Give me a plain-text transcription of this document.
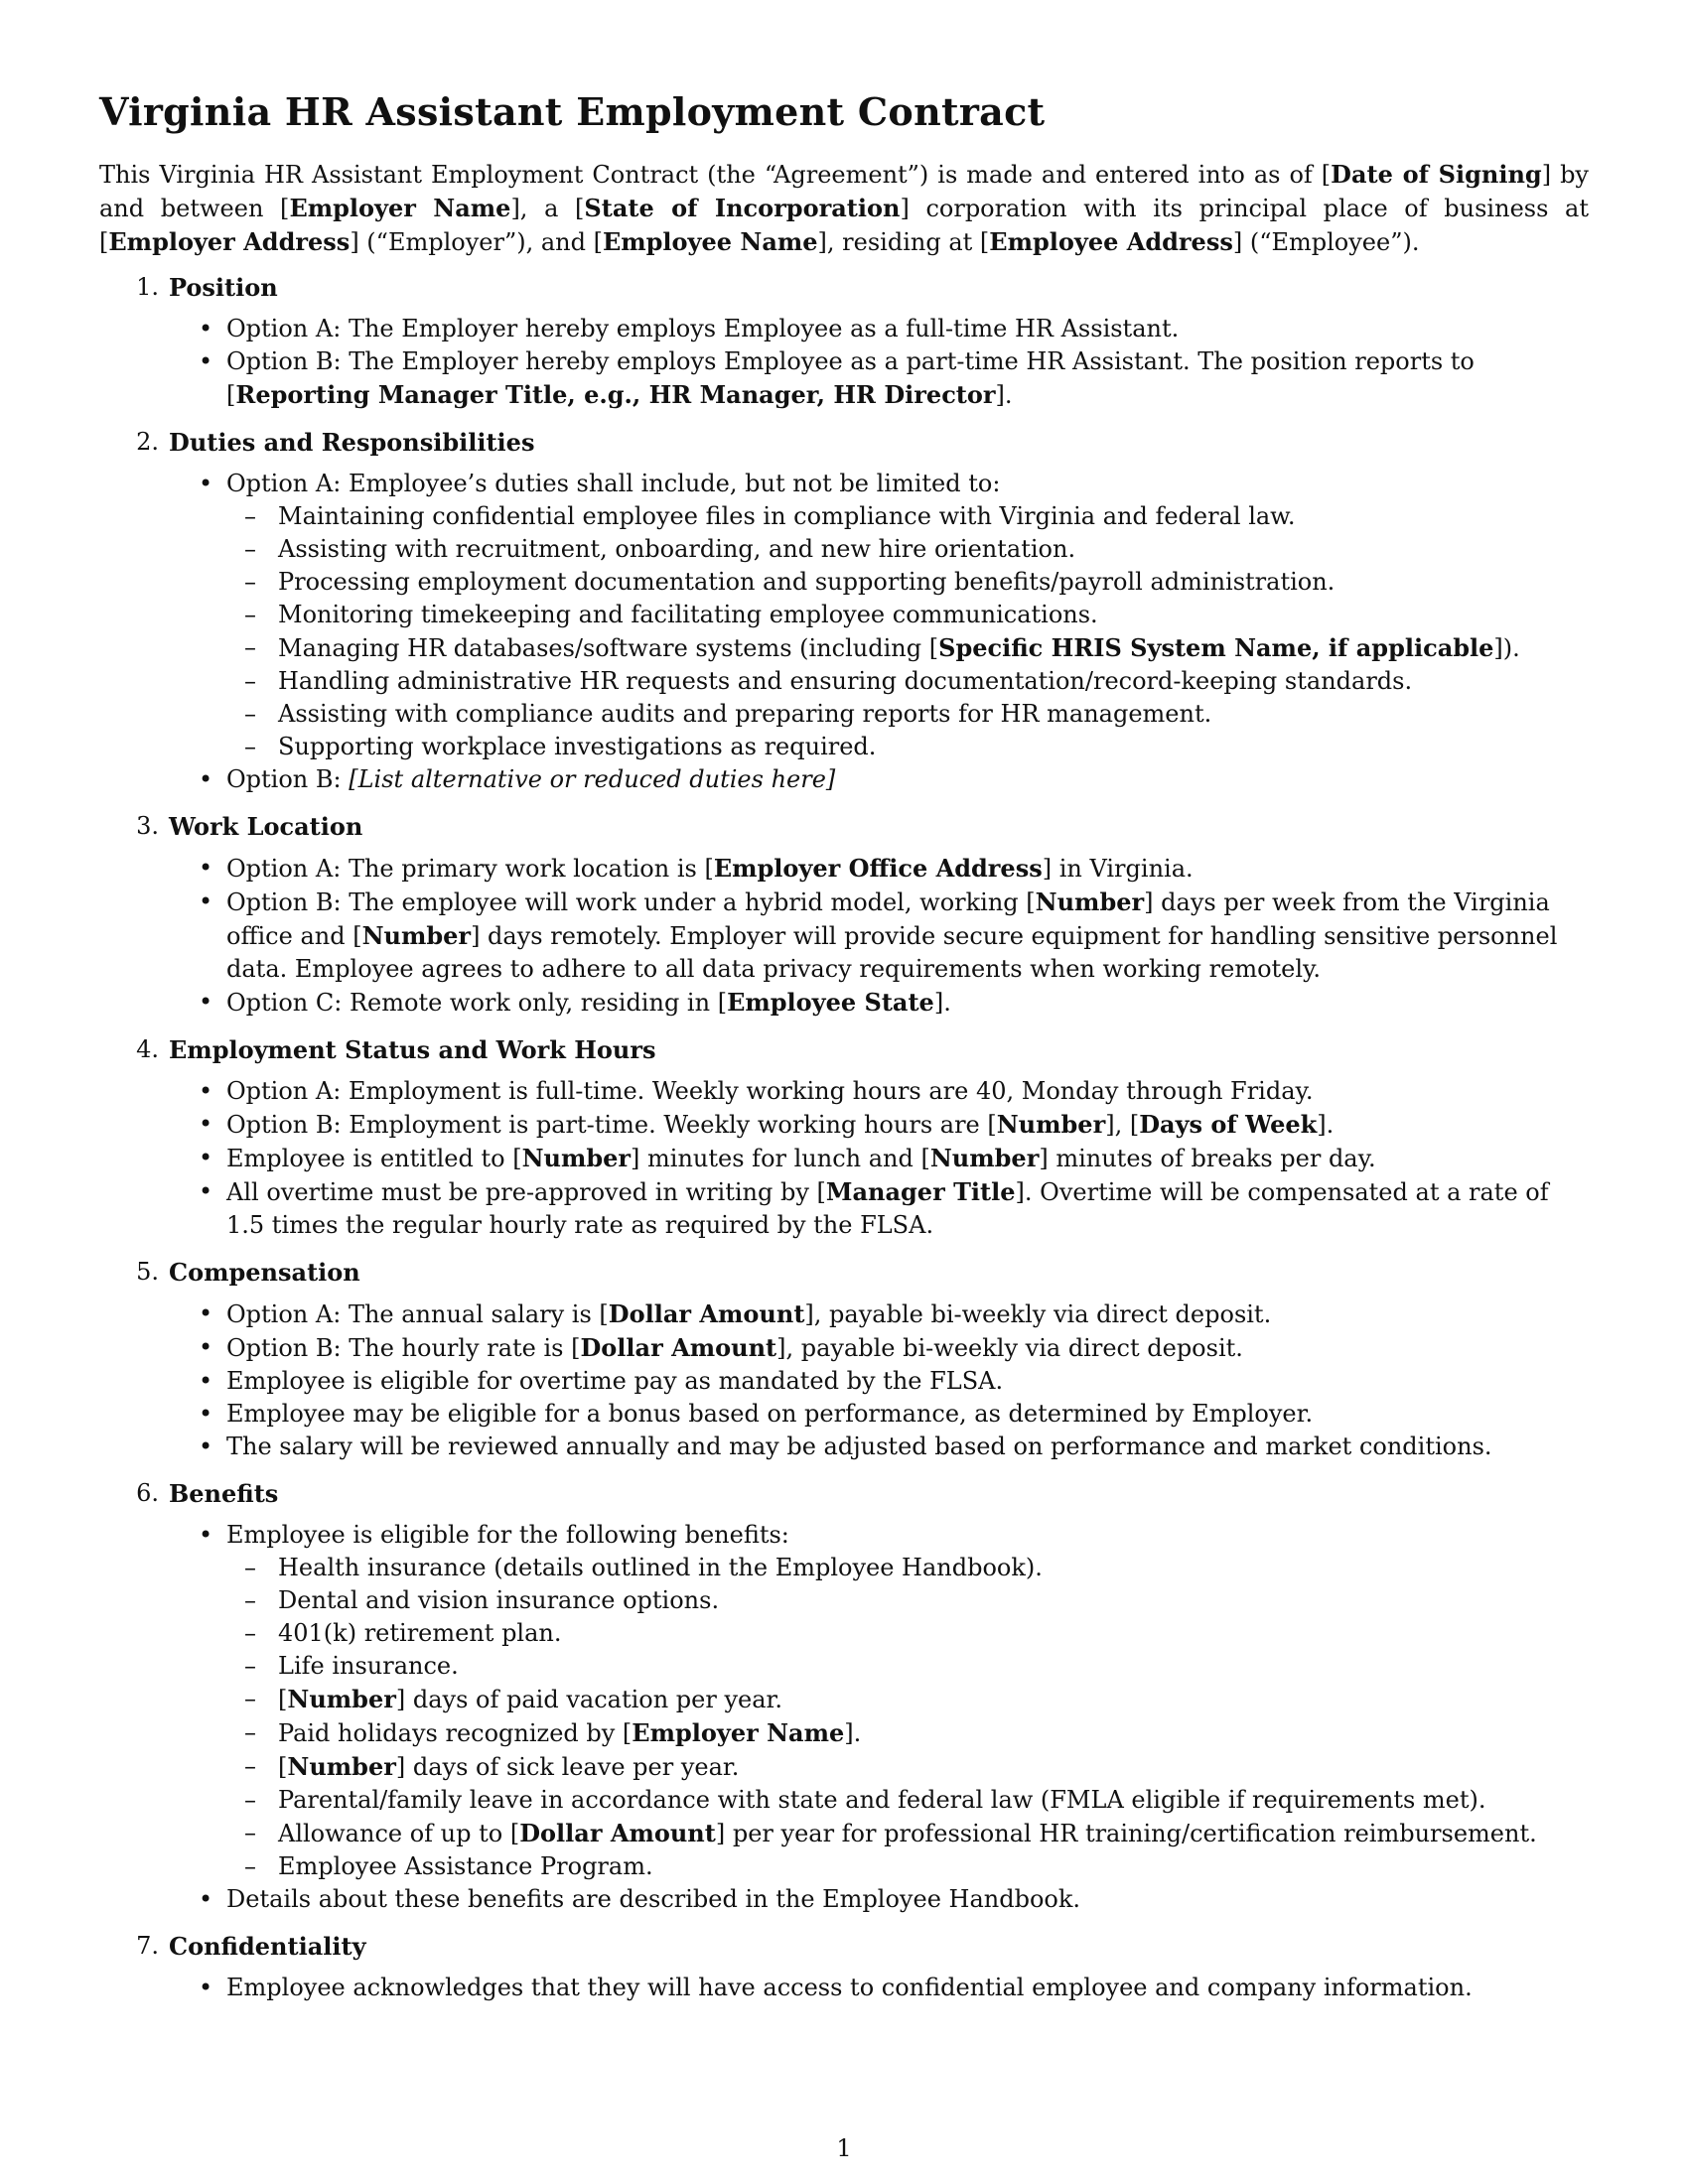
Virginia HR Assistant Employment Contract

This Virginia HR Assistant Employment Contract (the “Agreement”) is made and entered into as of [Date of Signing] by and between [Employer Name], a [State of Incorporation] corporation with its principal place of business at [Employer Address] (“Employer”), and [Employee Name], residing at [Employee Address] (“Employee”).

1. Position
• Option A: The Employer hereby employs Employee as a full-time HR Assistant.
• Option B: The Employer hereby employs Employee as a part-time HR Assistant. The position reports to [Reporting Manager Title, e.g., HR Manager, HR Director].
2. Duties and Responsibilities
• Option A: Employee’s duties shall include, but not be limited to:
– Maintaining confidential employee files in compliance with Virginia and federal law.
– Assisting with recruitment, onboarding, and new hire orientation.
– Processing employment documentation and supporting benefits/payroll administration.
– Monitoring timekeeping and facilitating employee communications.
– Managing HR databases/software systems (including [Specific HRIS System Name, if applicable]).
– Handling administrative HR requests and ensuring documentation/record-keeping standards.
– Assisting with compliance audits and preparing reports for HR management.
– Supporting workplace investigations as required.
• Option B: [List alternative or reduced duties here]
3. Work Location
• Option A: The primary work location is [Employer Office Address] in Virginia.
• Option B: The employee will work under a hybrid model, working [Number] days per week from the Virginia office and [Number] days remotely. Employer will provide secure equipment for handling sensitive personnel data. Employee agrees to adhere to all data privacy requirements when working remotely.
• Option C: Remote work only, residing in [Employee State].
4. Employment Status and Work Hours
• Option A: Employment is full-time. Weekly working hours are 40, Monday through Friday.
• Option B: Employment is part-time. Weekly working hours are [Number], [Days of Week].
• Employee is entitled to [Number] minutes for lunch and [Number] minutes of breaks per day.
• All overtime must be pre-approved in writing by [Manager Title]. Overtime will be compensated at a rate of 1.5 times the regular hourly rate as required by the FLSA.
5. Compensation
• Option A: The annual salary is [Dollar Amount], payable bi-weekly via direct deposit.
• Option B: The hourly rate is [Dollar Amount], payable bi-weekly via direct deposit.
• Employee is eligible for overtime pay as mandated by the FLSA.
• Employee may be eligible for a bonus based on performance, as determined by Employer.
• The salary will be reviewed annually and may be adjusted based on performance and market conditions.
6. Benefits
• Employee is eligible for the following benefits:
– Health insurance (details outlined in the Employee Handbook).
– Dental and vision insurance options.
– 401(k) retirement plan.
– Life insurance.
– [Number] days of paid vacation per year.
– Paid holidays recognized by [Employer Name].
– [Number] days of sick leave per year.
– Parental/family leave in accordance with state and federal law (FMLA eligible if requirements met).
– Allowance of up to [Dollar Amount] per year for professional HR training/certification reimbursement.
– Employee Assistance Program.
• Details about these benefits are described in the Employee Handbook.
7. Confidentiality
• Employee acknowledges that they will have access to confidential employee and company information.
1
